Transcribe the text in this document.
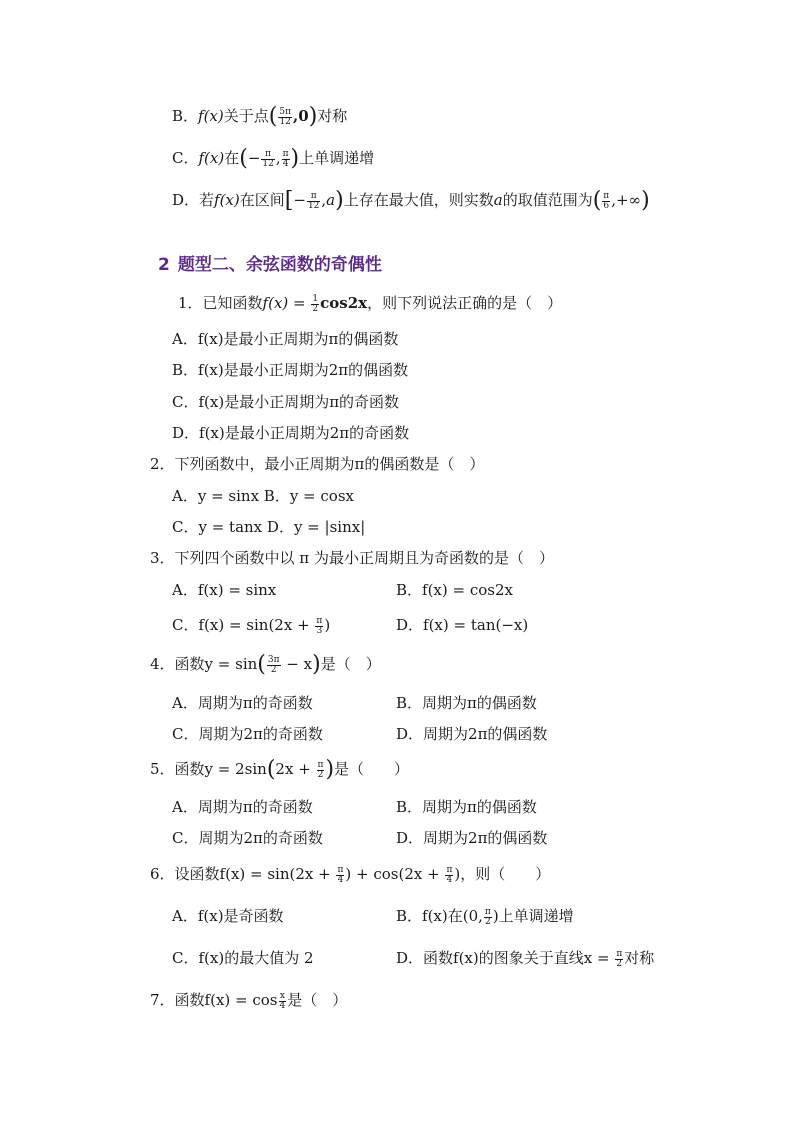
B．f(x)关于点( $\frac{5\pi}{12} ,0$)对称
C．f(x)在(− $\frac{\pi}{12}$ , $\frac{\pi}{4}$ )上单调递增
D．若f(x)在区间[− $\frac{\pi}{12} ,a$)上存在最大值，则实数a的取值范围为( $\frac{\pi}{6}$ ,+∞)
2 题型二、余弦函数的奇偶性
1．已知函数$f(x) = \frac{1}{2} \cos 2x$，则下列说法正确的是（　）
A．f(x)是最小正周期为π的偶函数
B．f(x)是最小正周期为2π的偶函数
C．f(x)是最小正周期为π的奇函数
D．f(x)是最小正周期为2π的奇函数
2．下列函数中，最小正周期为π的偶函数是（　）
A．y = sinx B．y = cosx
C．y = tanx D．y = |sinx|
3．下列四个函数中以 π 为最小正周期且为奇函数的是（　）
A．f(x) = sinx	B．f(x) = cos2x
C．$f(x) = \sin(2x + \frac{\pi}{3}$ )	D．f(x) = tan(−x)
4．函数$y = \sin( \frac{3\pi}{2} - x)$是（　）
A．周期为π的奇函数	B．周期为π的偶函数
C．周期为2π的奇函数	D．周期为2π的偶函数
5．函数$y = 2\sin(2x + \frac{\pi}{2}$ )是（　　）
A．周期为π的奇函数	B．周期为π的偶函数
C．周期为2π的奇函数	D．周期为2π的偶函数
6．设函数$f(x) = \sin(2x + \frac{\pi}{4}$ ) + $\cos(2x + \frac{\pi}{4}$ )，则（　　）
A．f(x)是奇函数	B．f(x)在(0, $\frac{\pi}{2}$ )上单调递增
C．f(x)的最大值为 2	D．函数f(x)的图象关于直线$x = \frac{\pi}{2}$ 对称
7．函数$f(x) = \cos \frac{x}{4}$ 是（　）
